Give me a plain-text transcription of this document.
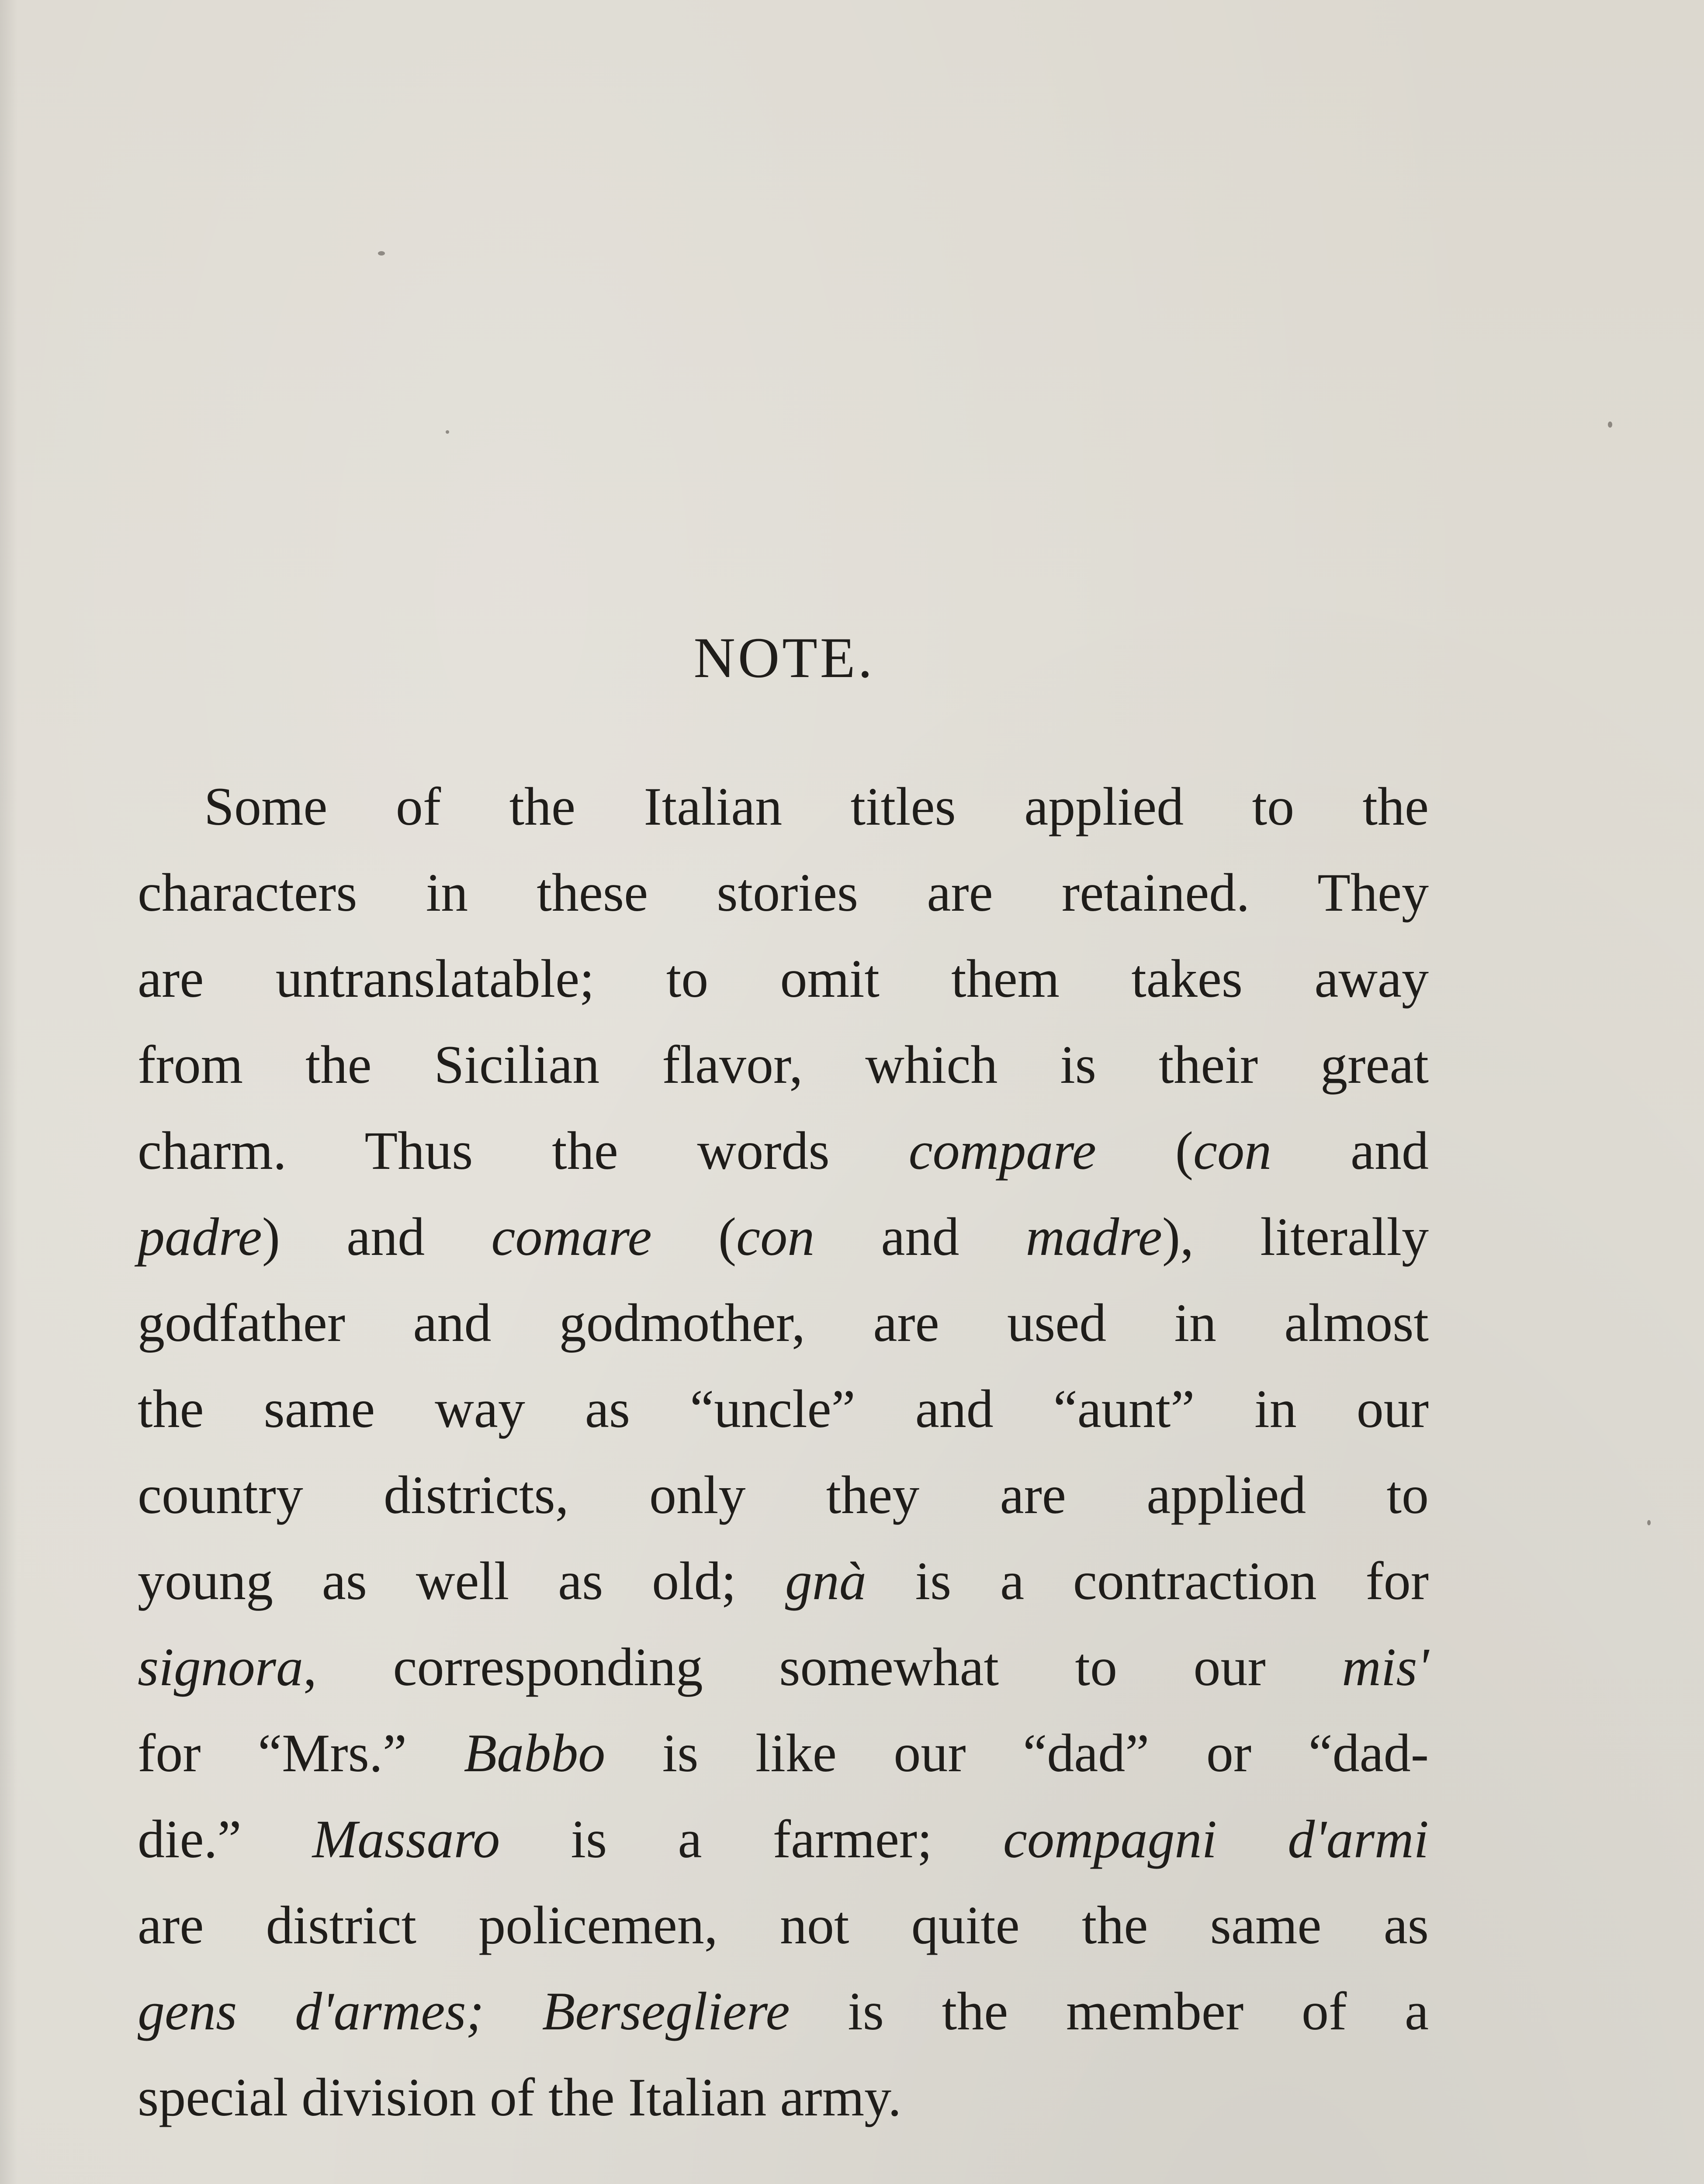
NOTE.
Some of the Italian titles applied to the
characters in these stories are retained. They
are untranslatable; to omit them takes away
from the Sicilian flavor, which is their great
charm. Thus the words compare (con and
padre) and comare (con and madre), literally
godfather and godmother, are used in almost
the same way as “uncle” and “aunt” in our
country districts, only they are applied to
young as well as old; gnà is a contraction for
signora, corresponding somewhat to our mis'
for “Mrs.” Babbo is like our “dad” or “dad-
die.” Massaro is a farmer; compagni d'armi
are district policemen, not quite the same as
gens d'armes; Bersegliere is the member of a
special division of the Italian army.
